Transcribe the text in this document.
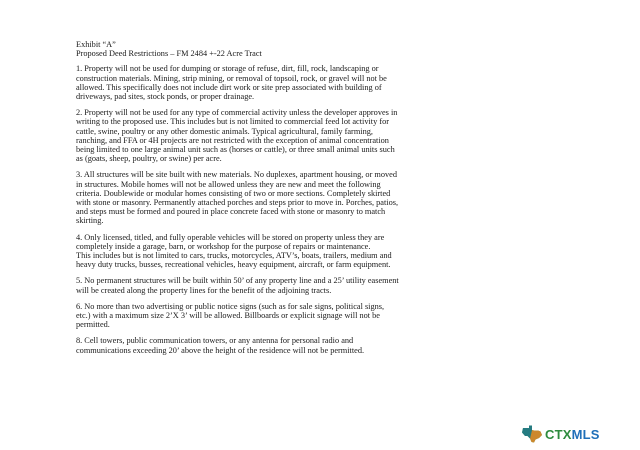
Exhibit “A”

Proposed Deed Restrictions – FM 2484 +-22 Acre Tract

1. Property will not be used for dumping or storage of refuse, dirt, fill, rock, landscaping or

construction materials. Mining, strip mining, or removal of topsoil, rock, or gravel will not be

allowed. This specifically does not include dirt work or site prep associated with building of

driveways, pad sites, stock ponds, or proper drainage.

2. Property will not be used for any type of commercial activity unless the developer approves in

writing to the proposed use. This includes but is not limited to commercial feed lot activity for

cattle, swine, poultry or any other domestic animals. Typical agricultural, family farming,

ranching, and FFA or 4H projects are not restricted with the exception of animal concentration

being limited to one large animal unit such as (horses or cattle), or three small animal units such

as (goats, sheep, poultry, or swine) per acre.

3. All structures will be site built with new materials. No duplexes, apartment housing, or moved

in structures. Mobile homes will not be allowed unless they are new and meet the following

criteria. Doublewide or modular homes consisting of two or more sections. Completely skirted

with stone or masonry. Permanently attached porches and steps prior to move in. Porches, patios,

and steps must be formed and poured in place concrete faced with stone or masonry to match

skirting.

4. Only licensed, titled, and fully operable vehicles will be stored on property unless they are

completely inside a garage, barn, or workshop for the purpose of repairs or maintenance.

This includes but is not limited to cars, trucks, motorcycles, ATV’s, boats, trailers, medium and

heavy duty trucks, busses, recreational vehicles, heavy equipment, aircraft, or farm equipment.

5. No permanent structures will be built within 50’ of any property line and a 25’ utility easement

will be created along the property lines for the benefit of the adjoining tracts.

6. No more than two advertising or public notice signs (such as for sale signs, political signs,

etc.) with a maximum size 2’X 3’ will be allowed. Billboards or explicit signage will not be

permitted.

8. Cell towers, public communication towers, or any antenna for personal radio and

communications exceeding 20’ above the height of the residence will not be permitted.

CTXMLS
